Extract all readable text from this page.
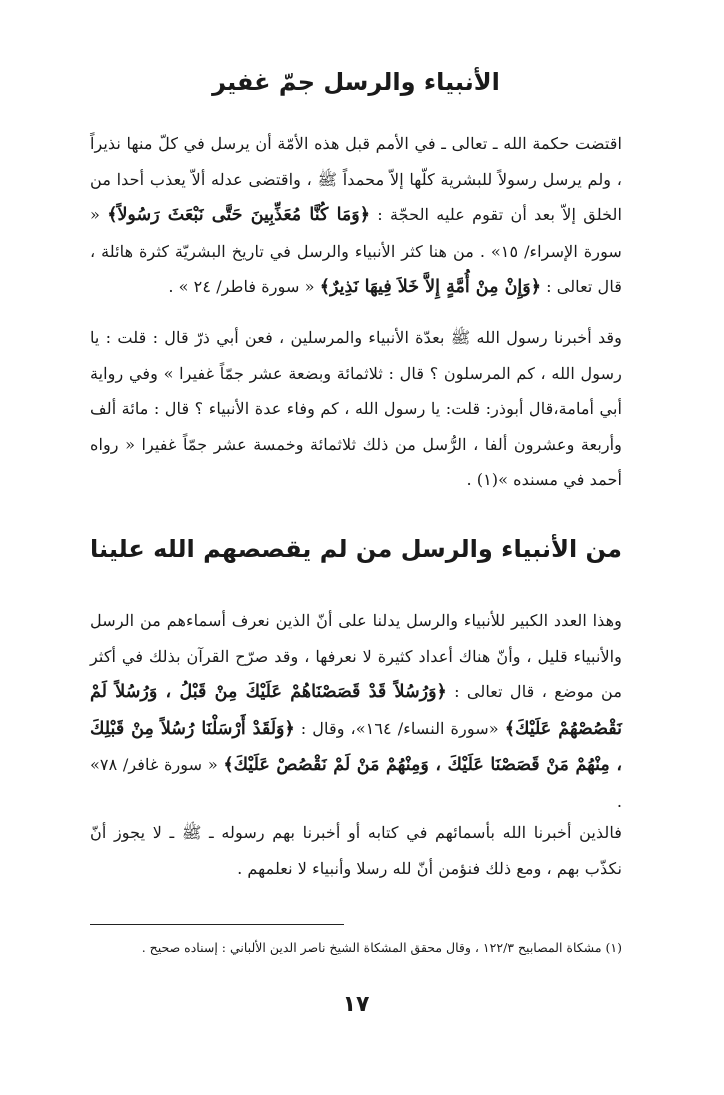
الأنبياء والرسل جمّ غفير

اقتضت حكمة الله ـ تعالى ـ في الأمم قبل هذه الأمّة أن يرسل في كلّ منها نذيراً ، ولم يرسل رسولاً للبشرية كلّها إلاّ محمداً ﷺ ، واقتضى عدله ألاّ يعذب أحدا من الخلق إلاّ بعد أن تقوم عليه الحجّة : ﴿وَمَا كُنَّا مُعَذِّبِينَ حَتَّى نَبْعَثَ رَسُولاً﴾ « سورة الإسراء/ ١٥» . من هنا كثر الأنبياء والرسل في تاريخ البشريّة كثرة هائلة ، قال تعالى : ﴿وَإِنْ مِنْ أُمَّةٍ إِلاَّ خَلاَ فِيهَا نَذِيرٌ﴾ « سورة فاطر/ ٢٤ » .

وقد أخبرنا رسول الله ﷺ بعدّة الأنبياء والمرسلين ، فعن أبي ذرّ قال : قلت : يا رسول الله ، كم المرسلون ؟ قال : ثلاثمائة وبضعة عشر جمّاً غفيرا » وفي رواية أبي أمامة،قال أبوذر: قلت: يا رسول الله ، كم وفاء عدة الأنبياء ؟ قال : مائة ألف وأربعة وعشرون ألفا ، الرُّسل من ذلك ثلاثمائة وخمسة عشر جمّاً غفيرا « رواه أحمد في مسنده »(١) .

من الأنبياء والرسل من لم يقصصهم الله علينا

وهذا العدد الكبير للأنبياء والرسل يدلنا على أنّ الذين نعرف أسماءهم من الرسل والأنبياء قليل ، وأنّ هناك أعداد كثيرة لا نعرفها ، وقد صرّح القرآن بذلك في أكثر من موضع ، قال تعالى : ﴿وَرُسُلاً قَدْ قَصَصْنَاهُمْ عَلَيْكَ مِنْ قَبْلُ ، وَرُسُلاً لَمْ نَقْصُصْهُمْ عَلَيْكَ﴾ «سورة النساء/ ١٦٤»، وقال : ﴿وَلَقَدْ أَرْسَلْنَا رُسُلاً مِنْ قَبْلِكَ ، مِنْهُمْ مَنْ قَصَصْنَا عَلَيْكَ ، وَمِنْهُمْ مَنْ لَمْ نَقْصُصْ عَلَيْكَ﴾ « سورة غافر/ ٧٨» .

فالذين أخبرنا الله بأسمائهم في كتابه أو أخبرنا بهم رسوله ـ ﷺ ـ لا يجوز أنّ نكذّب بهم ، ومع ذلك فنؤمن أنّ لله رسلا وأنبياء لا نعلمهم .

(١) مشكاة المصابيح ١٢٢/٣ ، وقال محقق المشكاة الشيخ ناصر الدين الألباني : إسناده صحيح .

١٧
